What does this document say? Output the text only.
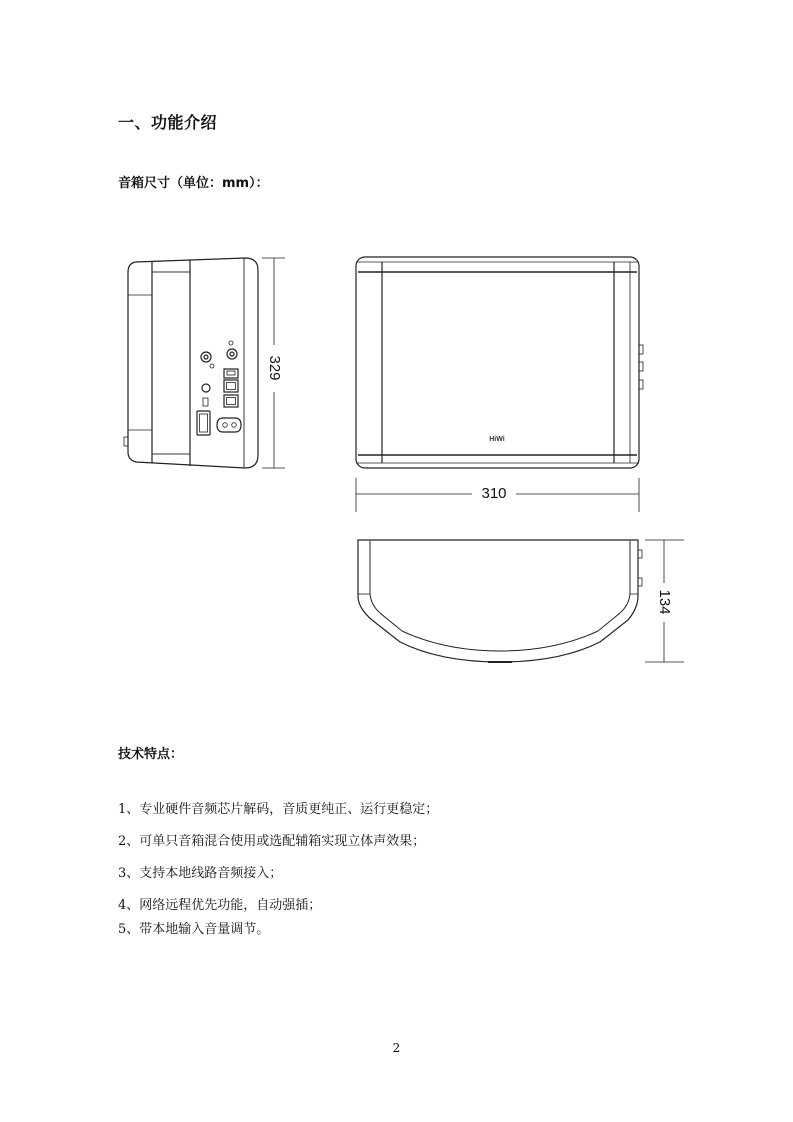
一、功能介绍
音箱尺寸（单位：mm）：
329
310
134
HiWi
技术特点：
1、专业硬件音频芯片解码，音质更纯正、运行更稳定；
2、可单只音箱混合使用或选配辅箱实现立体声效果；
3、支持本地线路音频接入；
4、网络远程优先功能，自动强插；
5、带本地输入音量调节。
2
